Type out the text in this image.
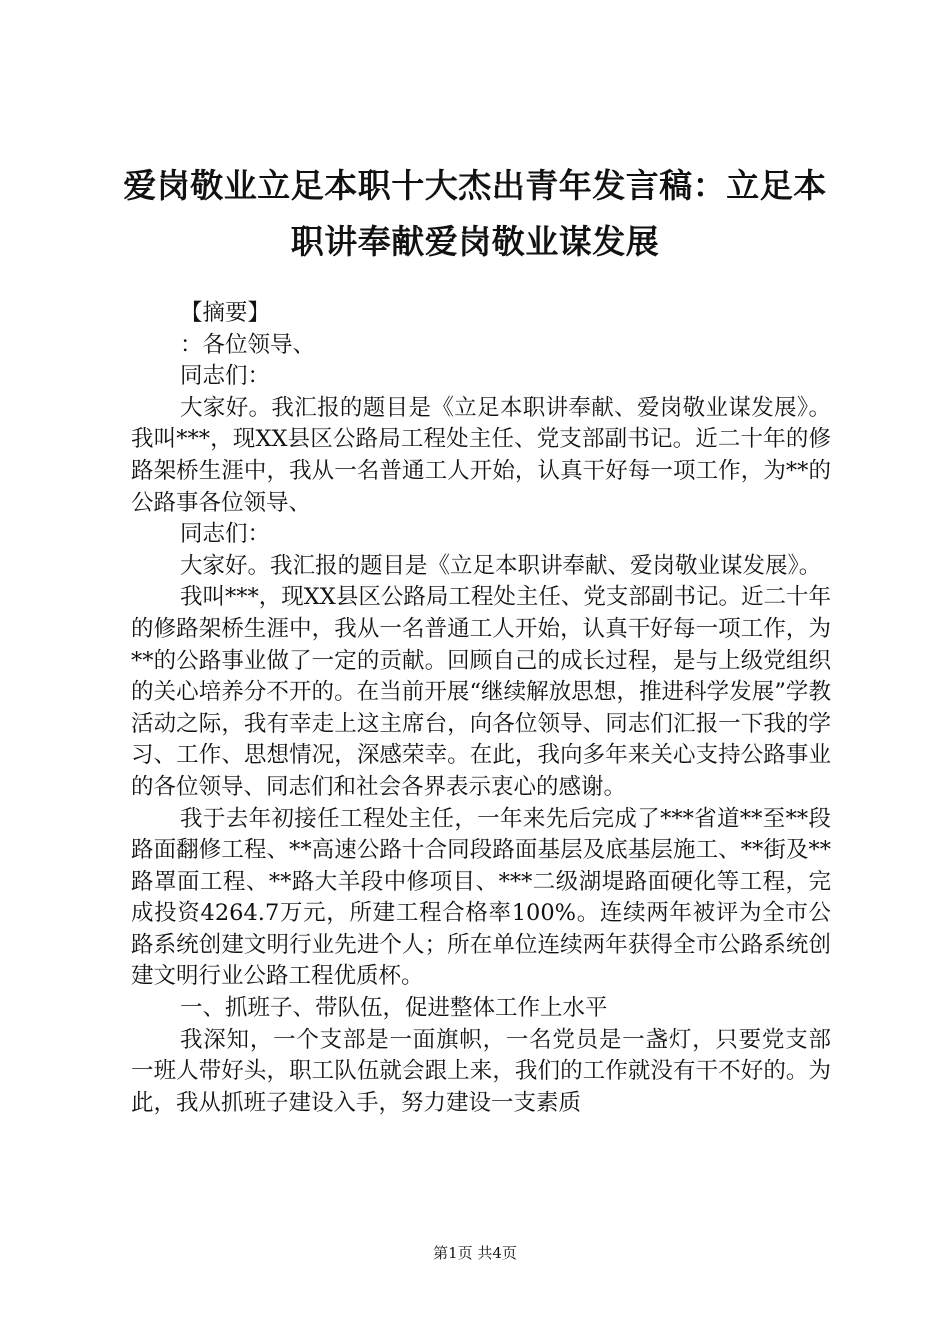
爱岗敬业立足本职十大杰出青年发言稿：立足本职讲奉献爱岗敬业谋发展

【摘要】

：各位领导、

同志们：

大家好。我汇报的题目是《立足本职讲奉献、爱岗敬业谋发展》。我叫***，现XX县区公路局工程处主任、党支部副书记。近二十年的修路架桥生涯中，我从一名普通工人开始，认真干好每一项工作，为**的公路事各位领导、

同志们：

大家好。我汇报的题目是《立足本职讲奉献、爱岗敬业谋发展》。

我叫***，现XX县区公路局工程处主任、党支部副书记。近二十年的修路架桥生涯中，我从一名普通工人开始，认真干好每一项工作，为**的公路事业做了一定的贡献。回顾自己的成长过程，是与上级党组织的关心培养分不开的。在当前开展“继续解放思想，推进科学发展”学教活动之际，我有幸走上这主席台，向各位领导、同志们汇报一下我的学习、工作、思想情况，深感荣幸。在此，我向多年来关心支持公路事业的各位领导、同志们和社会各界表示衷心的感谢。

我于去年初接任工程处主任，一年来先后完成了***省道**至**段路面翻修工程、**高速公路十合同段路面基层及底基层施工、**街及**路罩面工程、**路大羊段中修项目、***二级湖堤路面硬化等工程，完成投资4264.7万元，所建工程合格率100%。连续两年被评为全市公路系统创建文明行业先进个人；所在单位连续两年获得全市公路系统创建文明行业公路工程优质杯。

一、抓班子、带队伍，促进整体工作上水平

我深知，一个支部是一面旗帜，一名党员是一盏灯，只要党支部一班人带好头，职工队伍就会跟上来，我们的工作就没有干不好的。为此，我从抓班子建设入手，努力建设一支素质

第1页 共4页
